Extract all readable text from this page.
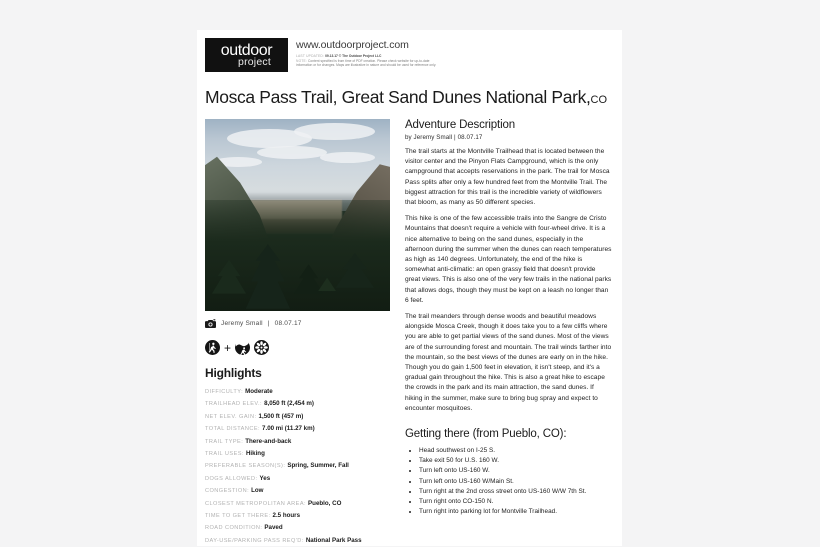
outdoor
project
www.outdoorproject.com
LAST UPDATED: 09.13.17 © The Outdoor Project LLC
NOTE: Content specified is from time of PDF creation. Please check website for up-to-date information or for changes. Maps are illustrative in nature and should be used for reference only.
Mosca Pass Trail, Great Sand Dunes National Park,CO
Jeremy Small | 08.07.17
+
Highlights
DIFFICULTY: Moderate
TRAILHEAD ELEV.: 8,050 ft (2,454 m)
NET ELEV. GAIN: 1,500 ft (457 m)
TOTAL DISTANCE: 7.00 mi (11.27 km)
TRAIL TYPE: There-and-back
TRAIL USES: Hiking
PREFERABLE SEASON(S): Spring, Summer, Fall
DOGS ALLOWED: Yes
CONGESTION: Low
CLOSEST METROPOLITAN AREA: Pueblo, CO
TIME TO GET THERE: 2.5 hours
ROAD CONDITION: Paved
DAY-USE/PARKING PASS REQ'D: National Park Pass
Adventure Description
by Jeremy Small | 08.07.17

The trail starts at the Montville Trailhead that is located between the visitor center and the Pinyon Flats Campground, which is the only campground that accepts reservations in the park. The trail for Mosca Pass splits after only a few hundred feet from the Montville Trail. The biggest attraction for this trail is the incredible variety of wildflowers that bloom, as many as 50 different species.

This hike is one of the few accessible trails into the Sangre de Cristo Mountains that doesn't require a vehicle with four-wheel drive. It is a nice alternative to being on the sand dunes, especially in the afternoon during the summer when the dunes can reach temperatures as high as 140 degrees. Unfortunately, the end of the hike is somewhat anti-climatic: an open grassy field that doesn't provide great views. This is also one of the very few trails in the national parks that allows dogs, though they must be kept on a leash no longer than 6 feet.

The trail meanders through dense woods and beautiful meadows alongside Mosca Creek, though it does take you to a few cliffs where you are able to get partial views of the sand dunes. Most of the views are of the surrounding forest and mountain. The trail winds farther into the mountain, so the best views of the dunes are early on in the hike. Though you do gain 1,500 feet in elevation, it isn't steep, and it's a gradual gain throughout the hike. This is also a great hike to escape the crowds in the park and its main attraction, the sand dunes. If hiking in the summer, make sure to bring bug spray and expect to encounter mosquitoes.

Getting there (from Pueblo, CO):
• Head southwest on I-25 S.
• Take exit 50 for U.S. 160 W.
• Turn left onto US-160 W.
• Turn left onto US-160 W/Main St.
• Turn right at the 2nd cross street onto US-160 W/W 7th St.
• Turn right onto CO-150 N.
• Turn right into parking lot for Montville Trailhead.
